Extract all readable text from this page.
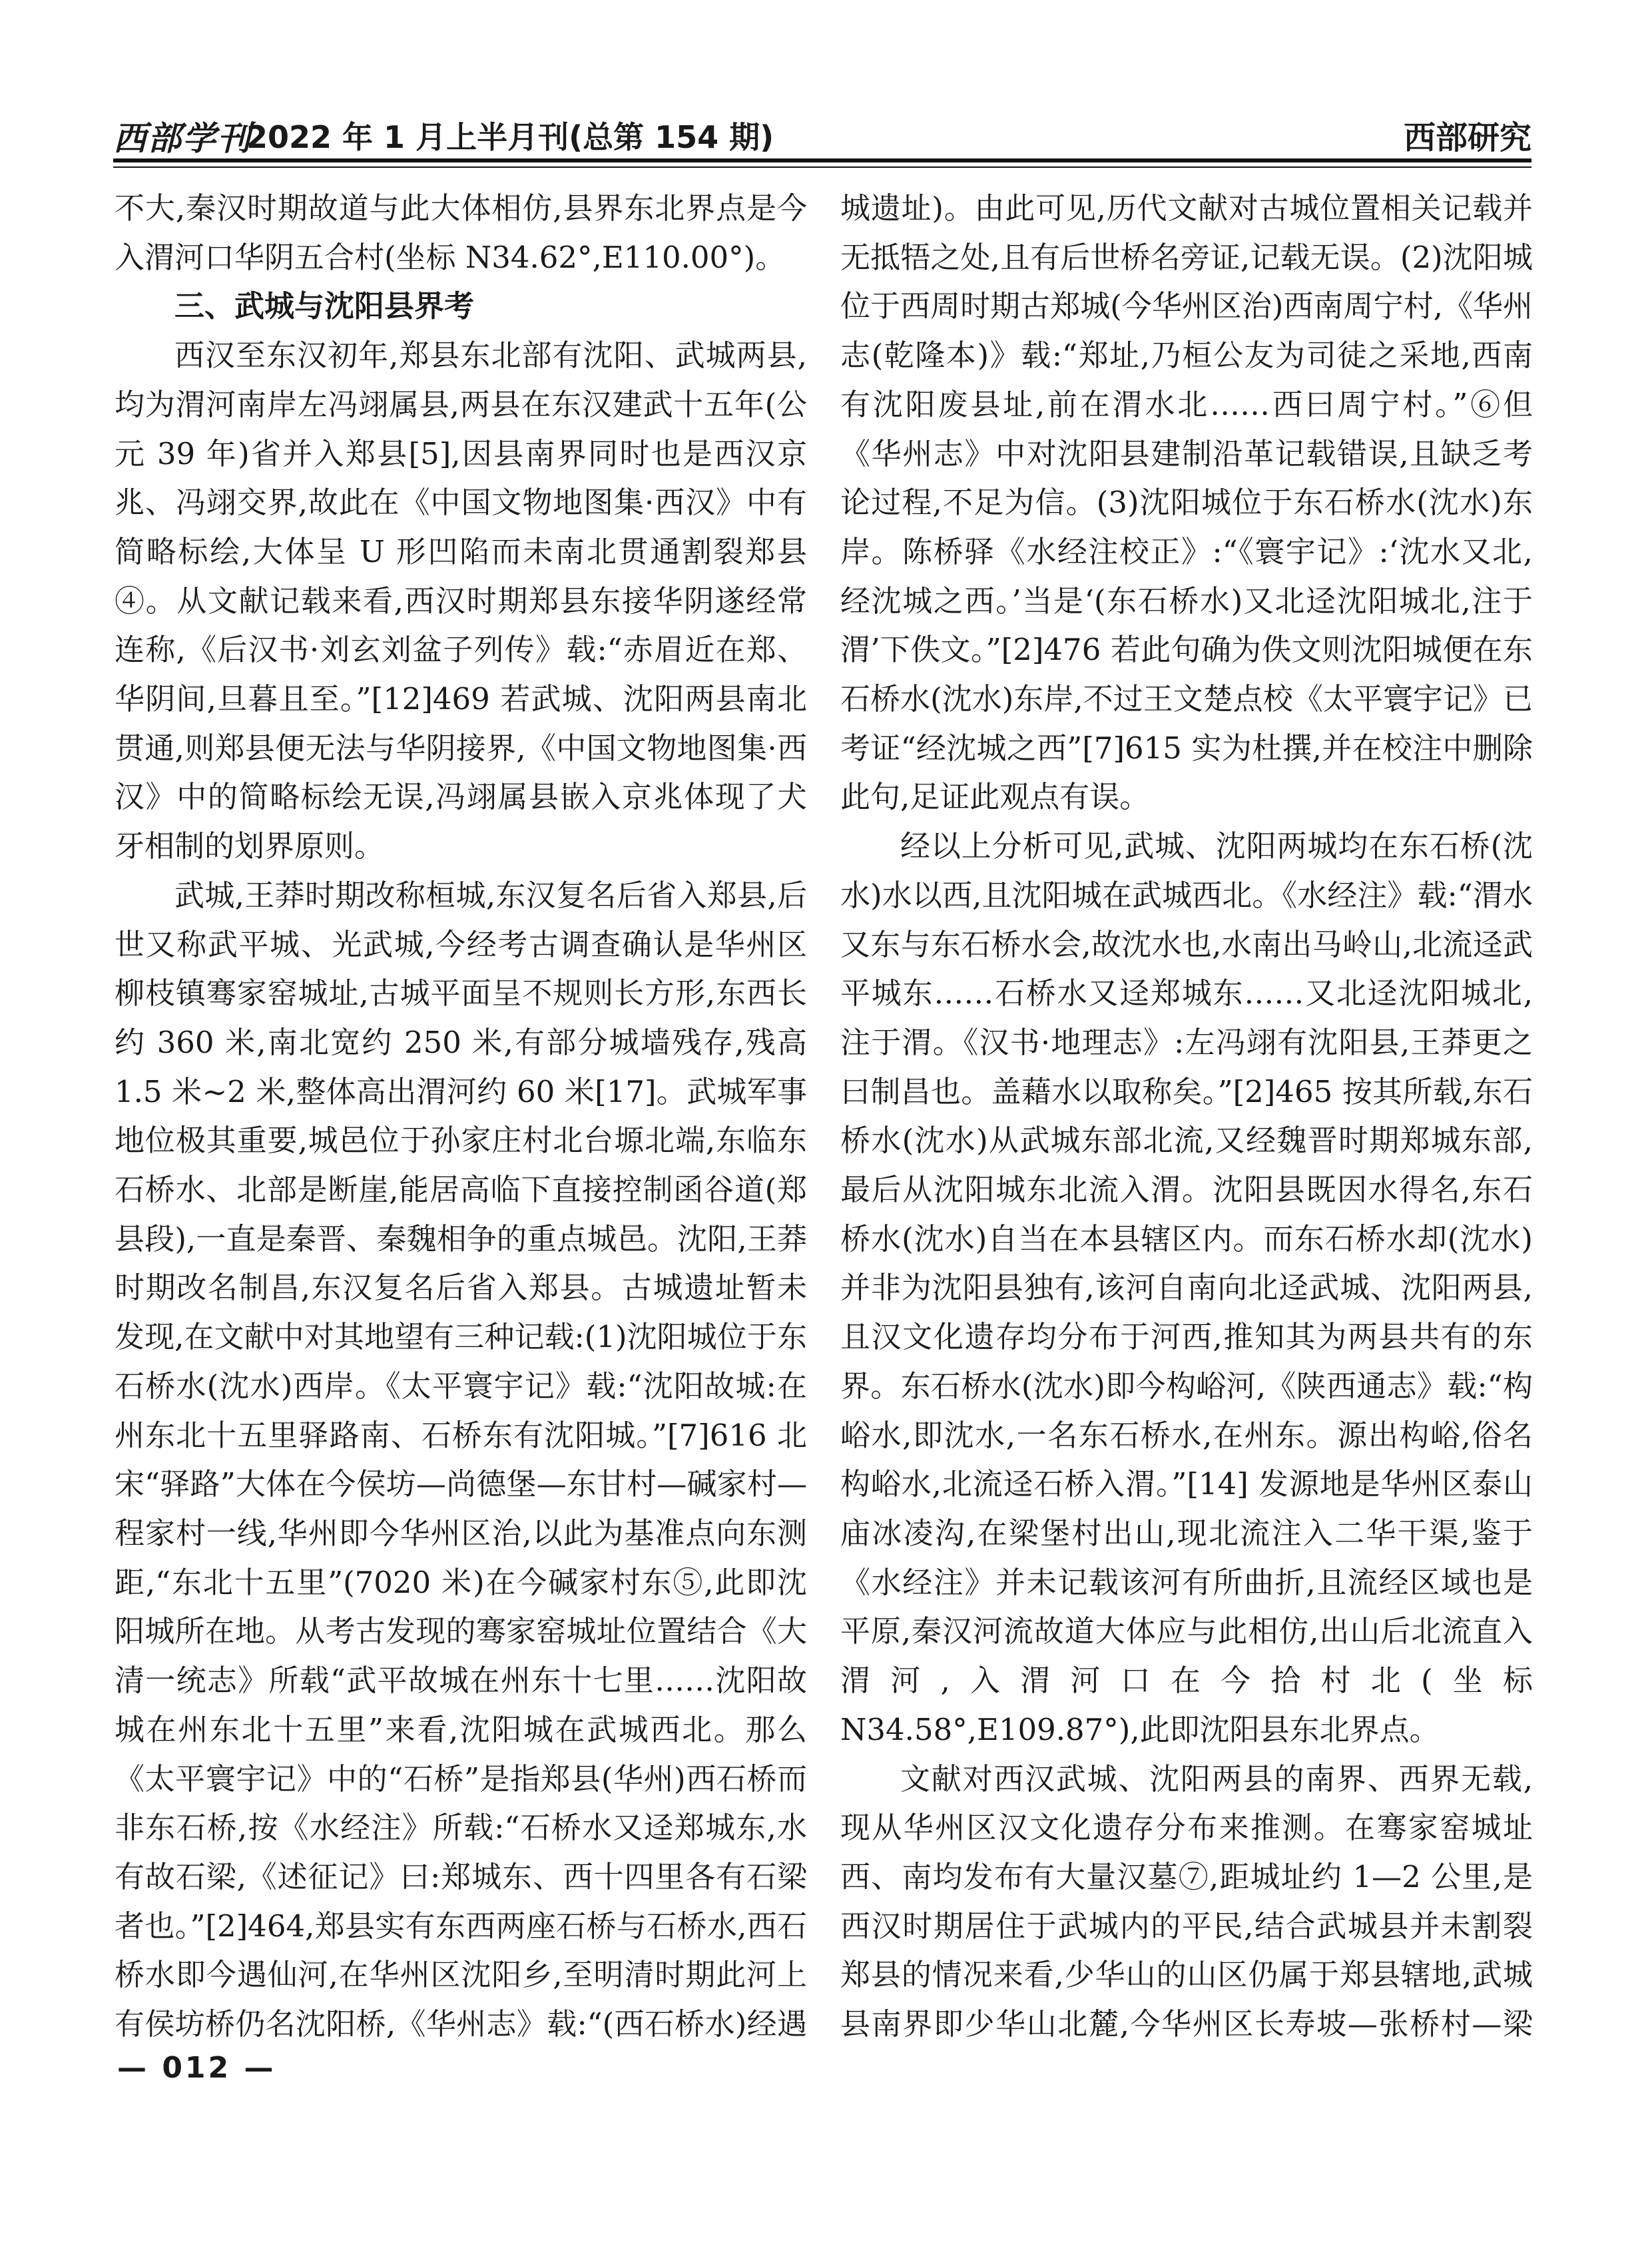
西部学刊
2022 年 1 月上半月刊(总第 154 期)	西部研究

不大,秦汉时期故道与此大体相仿,县界东北界点是今入渭河口华阴五合村(坐标 N34.62°,E110.00°)。

三、武城与沈阳县界考

西汉至东汉初年,郑县东北部有沈阳、武城两县,均为渭河南岸左冯翊属县,两县在东汉建武十五年(公元 39 年)省并入郑县[5],因县南界同时也是西汉京兆、冯翊交界,故此在《中国文物地图集·西汉》中有简略标绘,大体呈 U 形凹陷而未南北贯通割裂郑县④。从文献记载来看,西汉时期郑县东接华阴遂经常连称,《后汉书·刘玄刘盆子列传》载:“赤眉近在郑、华阴间,旦暮且至。”[12]469 若武城、沈阳两县南北贯通,则郑县便无法与华阴接界,《中国文物地图集·西汉》中的简略标绘无误,冯翊属县嵌入京兆体现了犬牙相制的划界原则。

武城,王莽时期改称桓城,东汉复名后省入郑县,后世又称武平城、光武城,今经考古调查确认是华州区柳枝镇骞家窑城址,古城平面呈不规则长方形,东西长约 360 米,南北宽约 250 米,有部分城墙残存,残高 1.5 米~2 米,整体高出渭河约 60 米[17]。武城军事地位极其重要,城邑位于孙家庄村北台塬北端,东临东石桥水、北部是断崖,能居高临下直接控制函谷道(郑县段),一直是秦晋、秦魏相争的重点城邑。沈阳,王莽时期改名制昌,东汉复名后省入郑县。古城遗址暂未发现,在文献中对其地望有三种记载:(1)沈阳城位于东石桥水(沈水)西岸。《太平寰宇记》载:“沈阳故城:在州东北十五里驿路南、石桥东有沈阳城。”[7]616 北宋“驿路”大体在今侯坊—尚德堡—东甘村—碱家村—程家村一线,华州即今华州区治,以此为基准点向东测距,“东北十五里”(7020 米)在今碱家村东⑤,此即沈阳城所在地。从考古发现的骞家窑城址位置结合《大清一统志》所载“武平故城在州东十七里……沈阳故城在州东北十五里”来看,沈阳城在武城西北。那么《太平寰宇记》中的“石桥”是指郑县(华州)西石桥而非东石桥,按《水经注》所载:“石桥水又迳郑城东,水有故石梁,《述征记》曰:郑城东、西十四里各有石梁者也。”[2]464,郑县实有东西两座石桥与石桥水,西石桥水即今遇仙河,在华州区沈阳乡,至明清时期此河上有侯坊桥仍名沈阳桥,《华州志》载:“(西石桥水)经遇

城遗址)。由此可见,历代文献对古城位置相关记载并无抵牾之处,且有后世桥名旁证,记载无误。(2)沈阳城位于西周时期古郑城(今华州区治)西南周宁村,《华州志(乾隆本)》载:“郑址,乃桓公友为司徒之采地,西南有沈阳废县址,前在渭水北……西曰周宁村。”⑥但《华州志》中对沈阳县建制沿革记载错误,且缺乏考论过程,不足为信。(3)沈阳城位于东石桥水(沈水)东岸。陈桥驿《水经注校正》:“《寰宇记》:‘沈水又北,经沈城之西。’当是‘(东石桥水)又北迳沈阳城北,注于渭’下佚文。”[2]476 若此句确为佚文则沈阳城便在东石桥水(沈水)东岸,不过王文楚点校《太平寰宇记》已考证“经沈城之西”[7]615 实为杜撰,并在校注中删除此句,足证此观点有误。

经以上分析可见,武城、沈阳两城均在东石桥(沈水)水以西,且沈阳城在武城西北。《水经注》载:“渭水又东与东石桥水会,故沈水也,水南出马岭山,北流迳武平城东……石桥水又迳郑城东……又北迳沈阳城北,注于渭。《汉书·地理志》:左冯翊有沈阳县,王莽更之曰制昌也。盖藉水以取称矣。”[2]465 按其所载,东石桥水(沈水)从武城东部北流,又经魏晋时期郑城东部,最后从沈阳城东北流入渭。沈阳县既因水得名,东石桥水(沈水)自当在本县辖区内。而东石桥水却(沈水)并非为沈阳县独有,该河自南向北迳武城、沈阳两县,且汉文化遗存均分布于河西,推知其为两县共有的东界。东石桥水(沈水)即今构峪河,《陕西通志》载:“构峪水,即沈水,一名东石桥水,在州东。源出构峪,俗名构峪水,北流迳石桥入渭。”[14] 发源地是华州区泰山庙冰凌沟,在梁堡村出山,现北流注入二华干渠,鉴于《水经注》并未记载该河有所曲折,且流经区域也是平原,秦汉河流故道大体应与此相仿,出山后北流直入渭河,入渭河口在今拾村北(坐标 N34.58°,E109.87°),此即沈阳县东北界点。

文献对西汉武城、沈阳两县的南界、西界无载,现从华州区汉文化遗存分布来推测。在骞家窑城址西、南均发布有大量汉墓⑦,距城址约 1—2 公里,是西汉时期居住于武城内的平民,结合武城县并未割裂郑县的情况来看,少华山的山区仍属于郑县辖地,武城县南界即少华山北麓,今华州区长寿坡—张桥村—梁

— 012 —
